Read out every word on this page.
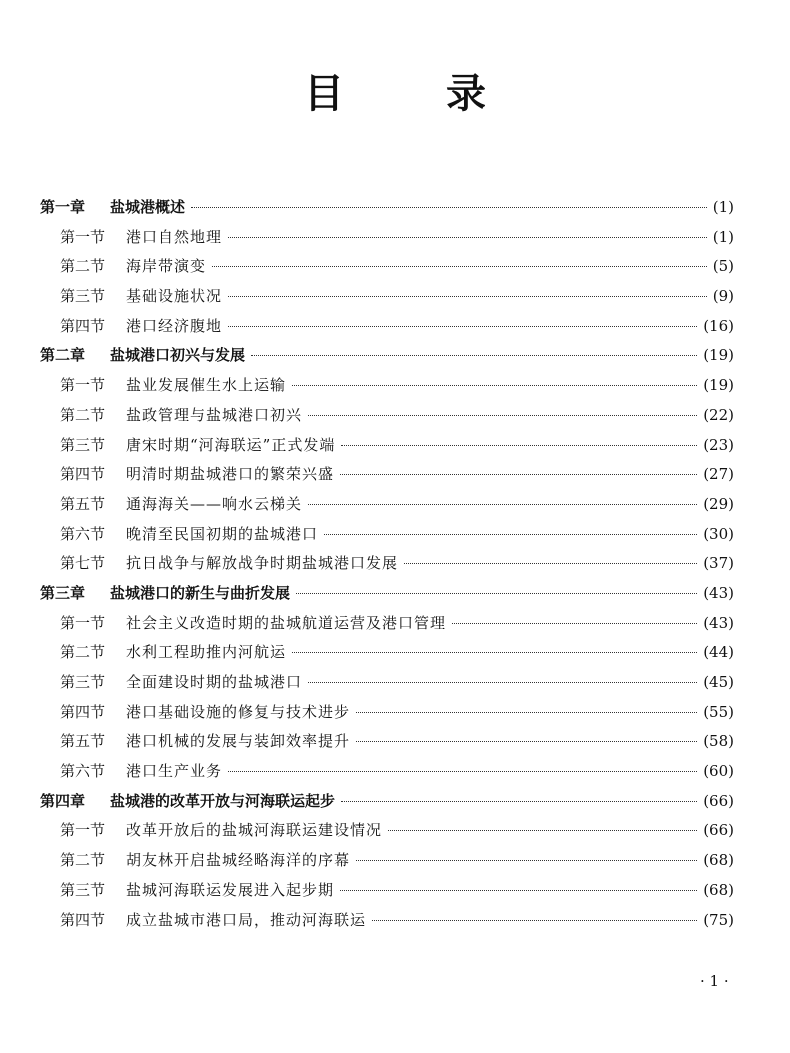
目 录
第一章	盐城港概述	(1)
第一节	港口自然地理	(1)
第二节	海岸带演变	(5)
第三节	基础设施状况	(9)
第四节	港口经济腹地	(16)
第二章	盐城港口初兴与发展	(19)
第一节	盐业发展催生水上运输	(19)
第二节	盐政管理与盐城港口初兴	(22)
第三节	唐宋时期“河海联运”正式发端	(23)
第四节	明清时期盐城港口的繁荣兴盛	(27)
第五节	通海海关——响水云梯关	(29)
第六节	晚清至民国初期的盐城港口	(30)
第七节	抗日战争与解放战争时期盐城港口发展	(37)
第三章	盐城港口的新生与曲折发展	(43)
第一节	社会主义改造时期的盐城航道运营及港口管理	(43)
第二节	水利工程助推内河航运	(44)
第三节	全面建设时期的盐城港口	(45)
第四节	港口基础设施的修复与技术进步	(55)
第五节	港口机械的发展与装卸效率提升	(58)
第六节	港口生产业务	(60)
第四章	盐城港的改革开放与河海联运起步	(66)
第一节	改革开放后的盐城河海联运建设情况	(66)
第二节	胡友林开启盐城经略海洋的序幕	(68)
第三节	盐城河海联运发展进入起步期	(68)
第四节	成立盐城市港口局，推动河海联运	(75)
· 1 ·
